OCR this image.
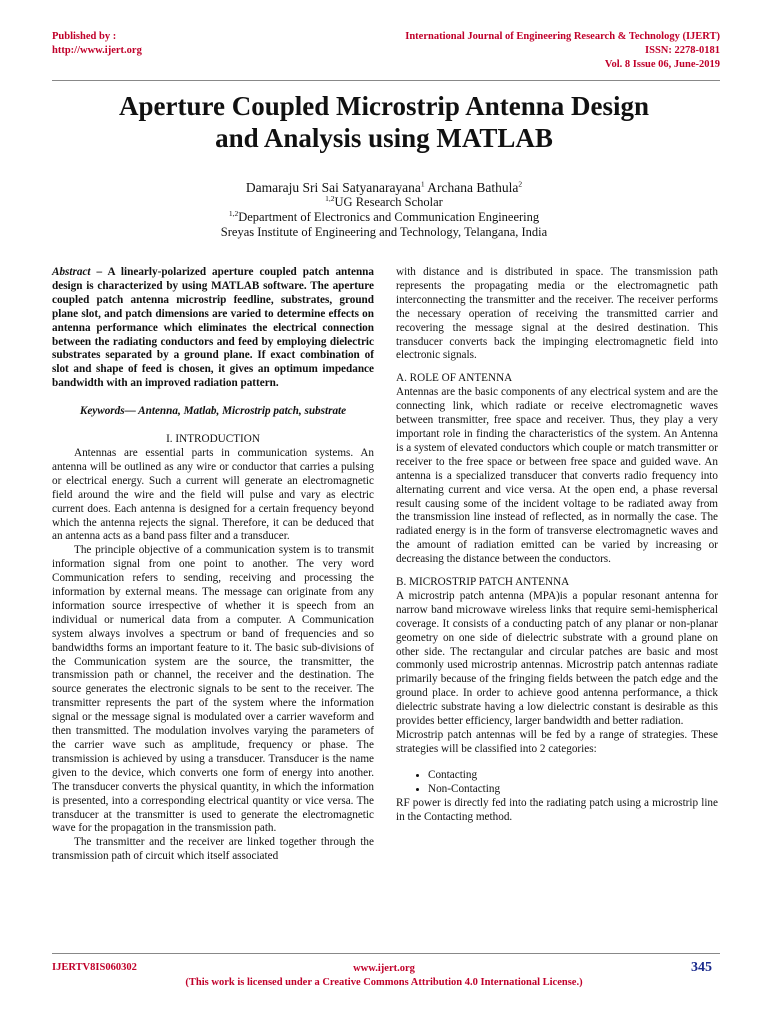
Published by :
http://www.ijert.org
International Journal of Engineering Research & Technology (IJERT)
ISSN: 2278-0181
Vol. 8 Issue 06, June-2019
Aperture Coupled Microstrip Antenna Design
and Analysis using MATLAB
Damaraju Sri Sai Satyanarayana$^1$ Archana Bathula$^2$
$^{1,2}$UG Research Scholar
$^{1,2}$Department of Electronics and Communication Engineering
Sreyas Institute of Engineering and Technology, Telangana, India

Abstract – A linearly-polarized aperture coupled patch antenna design is characterized by using MATLAB software. The aperture coupled patch antenna microstrip feedline, substrates, ground plane slot, and patch dimensions are varied to determine effects on antenna performance which eliminates the electrical connection between the radiating conductors and feed by employing dielectric substrates separated by a ground plane. If exact combination of slot and shape of feed is chosen, it gives an optimum impedance bandwidth with an improved radiation pattern.

Keywords— Antenna, Matlab, Microstrip patch, substrate

I. INTRODUCTION

Antennas are essential parts in communication systems. An antenna will be outlined as any wire or conductor that carries a pulsing or electrical energy. Such a current will generate an electromagnetic field around the wire and the field will pulse and vary as electric current does. Each antenna is designed for a certain frequency beyond which the antenna rejects the signal. Therefore, it can be deduced that an antenna acts as a band pass filter and a transducer.

The principle objective of a communication system is to transmit information signal from one point to another. The very word Communication refers to sending, receiving and processing the information by external means. The message can originate from any information source irrespective of whether it is speech from an individual or numerical data from a computer. A Communication system always involves a spectrum or band of frequencies and so bandwidths forms an important feature to it. The basic sub-divisions of the Communication system are the source, the transmitter, the transmission path or channel, the receiver and the destination. The source generates the electronic signals to be sent to the receiver. The transmitter represents the part of the system where the information signal or the message signal is modulated over a carrier waveform and then transmitted. The modulation involves varying the parameters of the carrier wave such as amplitude, frequency or phase. The transmission is achieved by using a transducer. Transducer is the name given to the device, which converts one form of energy into another. The transducer converts the physical quantity, in which the information is presented, into a corresponding electrical quantity or vice versa. The transducer at the transmitter is used to generate the electromagnetic wave for the propagation in the transmission path.

The transmitter and the receiver are linked together through the transmission path of circuit which itself associated

with distance and is distributed in space. The transmission path represents the propagating media or the electromagnetic path interconnecting the transmitter and the receiver. The receiver performs the necessary operation of receiving the transmitted carrier and recovering the message signal at the desired destination. This transducer converts back the impinging electromagnetic field into electronic signals.

A. ROLE OF ANTENNA

Antennas are the basic components of any electrical system and are the connecting link, which radiate or receive electromagnetic waves between transmitter, free space and receiver. Thus, they play a very important role in finding the characteristics of the system. An Antenna is a system of elevated conductors which couple or match transmitter or receiver to the free space or between free space and guided wave. An antenna is a specialized transducer that converts radio frequency into alternating current and vice versa. At the open end, a phase reversal result causing some of the incident voltage to be radiated away from the transmission line instead of reflected, as in normally the case. The radiated energy is in the form of transverse electromagnetic waves and the amount of radiation emitted can be varied by increasing or decreasing the distance between the conductors.

B. MICROSTRIP PATCH ANTENNA

A microstrip patch antenna (MPA)is a popular resonant antenna for narrow band microwave wireless links that require semi-hemispherical coverage. It consists of a conducting patch of any planar or non-planar geometry on one side of dielectric substrate with a ground plane on other side. The rectangular and circular patches are basic and most commonly used microstrip antennas. Microstrip patch antennas radiate primarily because of the fringing fields between the patch edge and the ground place. In order to achieve good antenna performance, a thick dielectric substrate having a low dielectric constant is desirable as this provides better efficiency, larger bandwidth and better radiation.

Microstrip patch antennas will be fed by a range of strategies. These strategies will be classified into 2 categories:

• Contacting
• Non-Contacting

RF power is directly fed into the radiating patch using a microstrip line in the Contacting method.

IJERTV8IS060302	www.ijert.org
(This work is licensed under a Creative Commons Attribution 4.0 International License.)
345
